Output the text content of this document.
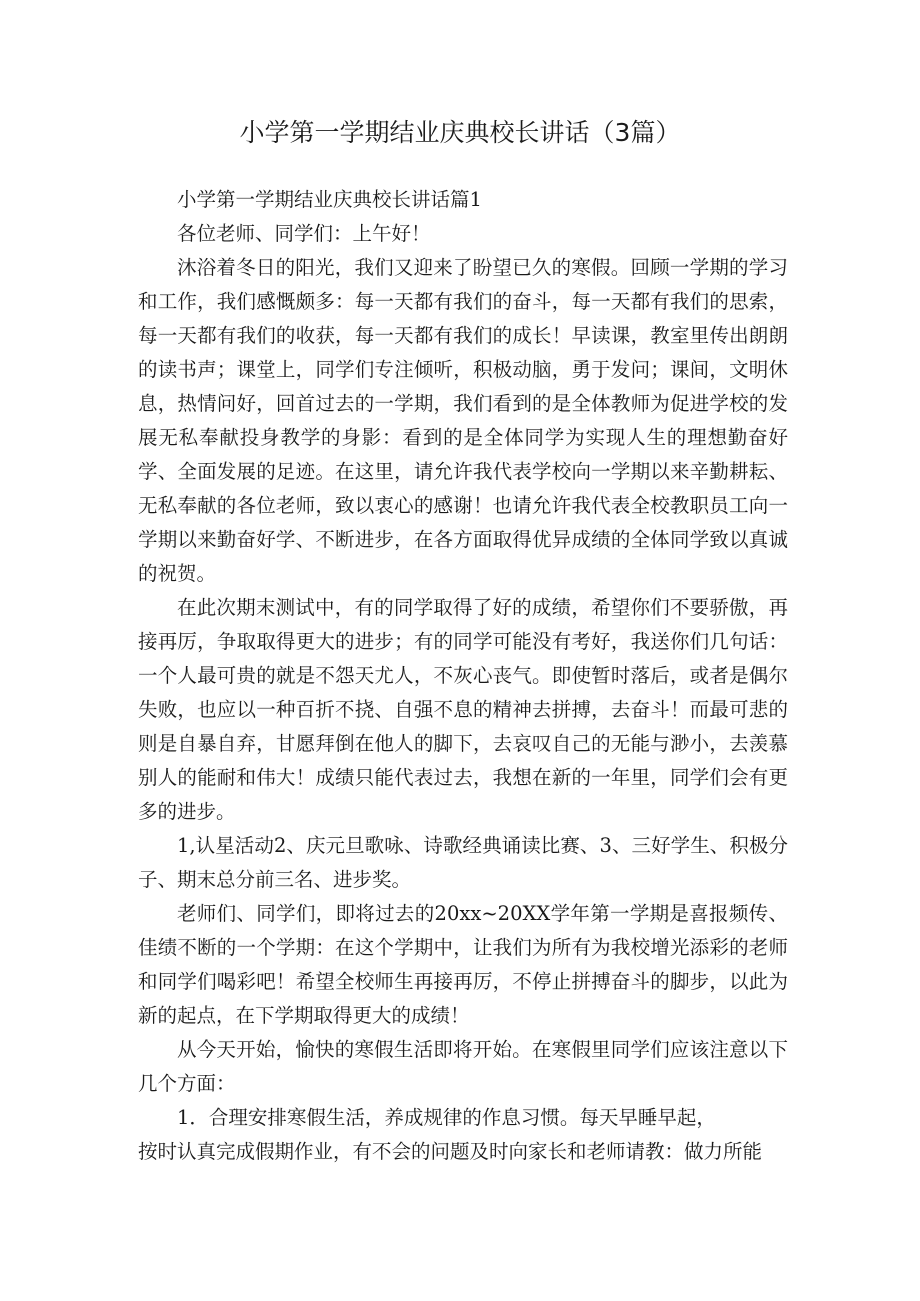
小学第一学期结业庆典校长讲话（3篇）

小学第一学期结业庆典校长讲话篇1

各位老师、同学们：上午好！

沐浴着冬日的阳光，我们又迎来了盼望已久的寒假。回顾一学期的学习和工作，我们感慨颇多：每一天都有我们的奋斗，每一天都有我们的思索，每一天都有我们的收获，每一天都有我们的成长！早读课，教室里传出朗朗的读书声；课堂上，同学们专注倾听，积极动脑，勇于发问；课间，文明休息，热情问好，回首过去的一学期，我们看到的是全体教师为促进学校的发展无私奉献投身教学的身影：看到的是全体同学为实现人生的理想勤奋好学、全面发展的足迹。在这里，请允许我代表学校向一学期以来辛勤耕耘、无私奉献的各位老师，致以衷心的感谢！也请允许我代表全校教职员工向一学期以来勤奋好学、不断进步，在各方面取得优异成绩的全体同学致以真诚的祝贺。

在此次期末测试中，有的同学取得了好的成绩，希望你们不要骄傲，再接再厉，争取取得更大的进步；有的同学可能没有考好，我送你们几句话：一个人最可贵的就是不怨天尤人，不灰心丧气。即使暂时落后，或者是偶尔失败，也应以一种百折不挠、自强不息的精神去拼搏，去奋斗！而最可悲的则是自暴自弃，甘愿拜倒在他人的脚下，去哀叹自己的无能与渺小，去羡慕别人的能耐和伟大！成绩只能代表过去，我想在新的一年里，同学们会有更多的进步。

1,认星活动2、庆元旦歌咏、诗歌经典诵读比赛、3、三好学生、积极分子、期末总分前三名、进步奖。

老师们、同学们，即将过去的20xx~20XX学年第一学期是喜报频传、佳绩不断的一个学期：在这个学期中，让我们为所有为我校增光添彩的老师和同学们喝彩吧！希望全校师生再接再厉，不停止拼搏奋斗的脚步，以此为新的起点，在下学期取得更大的成绩！

从今天开始，愉快的寒假生活即将开始。在寒假里同学们应该注意以下几个方面：

1．合理安排寒假生活，养成规律的作息习惯。每天早睡早起，

按时认真完成假期作业，有不会的问题及时向家长和老师请教：做力所能
